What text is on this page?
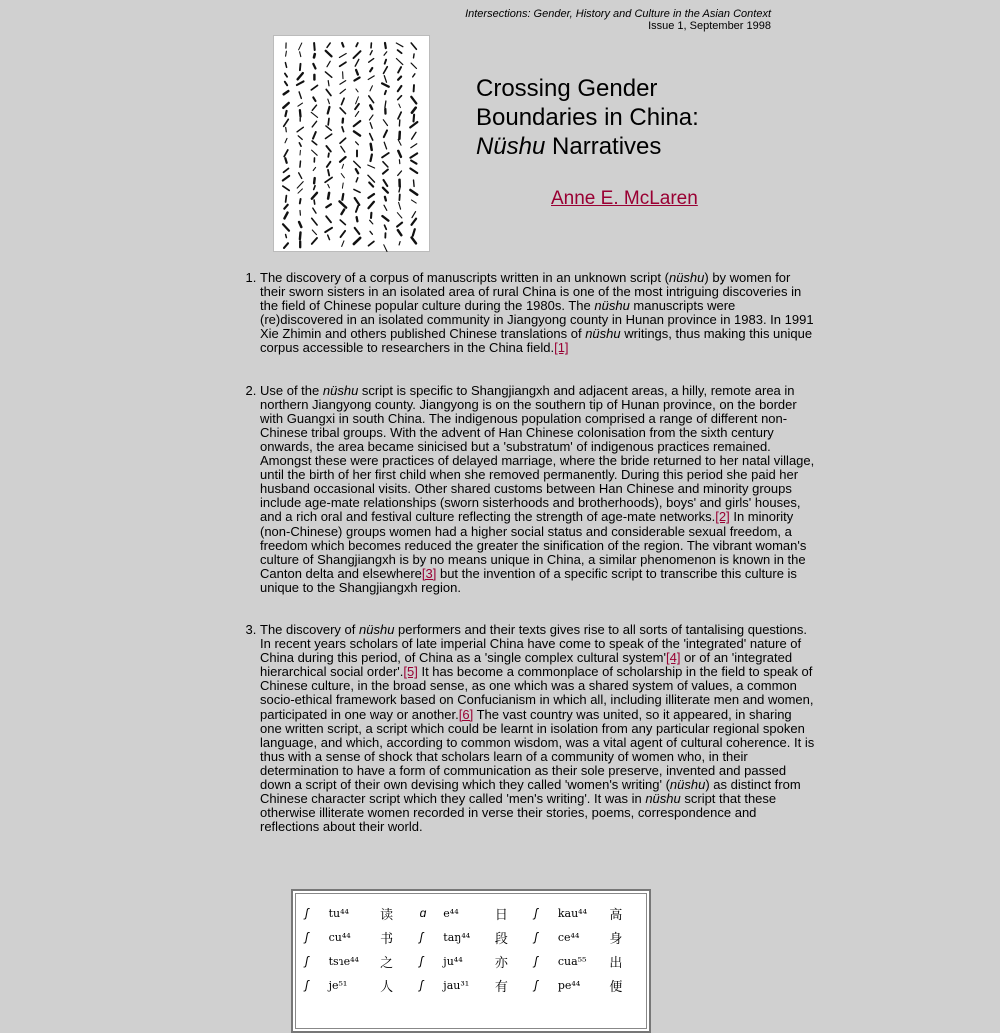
Intersections: Gender, History and Culture in the Asian Context
Issue 1, September 1998
Crossing Gender
Boundaries in China:
Nüshu Narratives
Anne E. McLaren
1. The discovery of a corpus of manuscripts written in an unknown script (nüshu) by women for their sworn sisters in an isolated area of rural China is one of the most intriguing discoveries in the field of Chinese popular culture during the 1980s. The nüshu manuscripts were (re)discovered in an isolated community in Jiangyong county in Hunan province in 1983. In 1991 Xie Zhimin and others published Chinese translations of nüshu writings, thus making this unique corpus accessible to researchers in the China field.[1]
2. Use of the nüshu script is specific to Shangjiangxh and adjacent areas, a hilly, remote area in northern Jiangyong county. Jiangyong is on the southern tip of Hunan province, on the border with Guangxi in south China. The indigenous population comprised a range of different non-Chinese tribal groups. With the advent of Han Chinese colonisation from the sixth century onwards, the area became sinicised but a 'substratum' of indigenous practices remained. Amongst these were practices of delayed marriage, where the bride returned to her natal village, until the birth of her first child when she removed permanently. During this period she paid her husband occasional visits. Other shared customs between Han Chinese and minority groups include age-mate relationships (sworn sisterhoods and brotherhoods), boys' and girls' houses, and a rich oral and festival culture reflecting the strength of age-mate networks.[2] In minority (non-Chinese) groups women had a higher social status and considerable sexual freedom, a freedom which becomes reduced the greater the sinification of the region. The vibrant woman's culture of Shangjiangxh is by no means unique in China, a similar phenomenon is known in the Canton delta and elsewhere[3] but the invention of a specific script to transcribe this culture is unique to the Shangjiangxh region.
3. The discovery of nüshu performers and their texts gives rise to all sorts of tantalising questions. In recent years scholars of late imperial China have come to speak of the 'integrated' nature of China during this period, of China as a 'single complex cultural system'[4] or of an 'integrated hierarchical social order'.[5] It has become a commonplace of scholarship in the field to speak of Chinese culture, in the broad sense, as one which was a shared system of values, a common socio-ethical framework based on Confucianism in which all, including illiterate men and women, participated in one way or another.[6] The vast country was united, so it appeared, in sharing one written script, a script which could be learnt in isolation from any particular regional spoken language, and which, according to common wisdom, was a vital agent of cultural coherence. It is thus with a sense of shock that scholars learn of a community of women who, in their determination to have a form of communication as their sole preserve, invented and passed down a script of their own devising which they called 'women's writing' (nüshu) as distinct from Chinese character script which they called 'men's writing'. It was in nüshu script that these otherwise illiterate women recorded in verse their stories, poems, correspondence and reflections about their world.
ʃ	tu⁴⁴	读	ɑ	e⁴⁴	日	ʃ	kau⁴⁴	高
ʃ	cu⁴⁴	书	ʃ	taŋ⁴⁴	段	ʃ	ce⁴⁴	身
ʃ	tsɿe⁴⁴	之	ʃ	ju⁴⁴	亦	ʃ	cua⁵⁵	出
ʃ	je⁵¹	人	ʃ	jau³¹	有	ʃ	pe⁴⁴	便
